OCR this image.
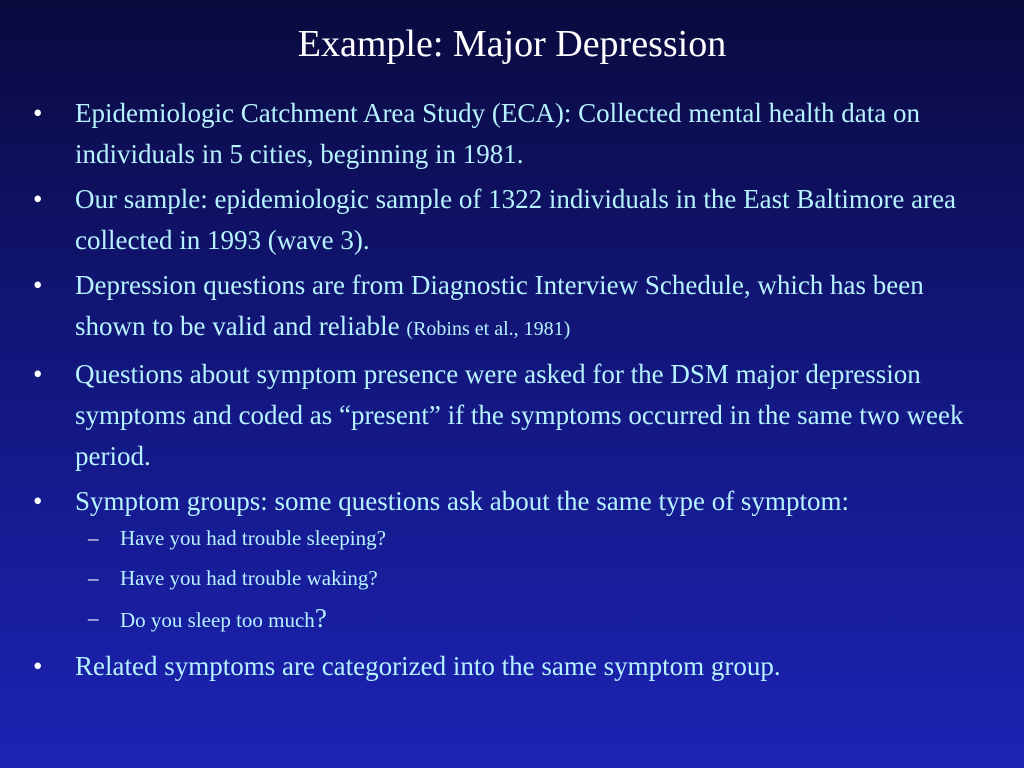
Example: Major Depression
• Epidemiologic Catchment Area Study (ECA): Collected mental health data on individuals in 5 cities, beginning in 1981.
• Our sample: epidemiologic sample of 1322 individuals in the East Baltimore area collected in 1993 (wave 3).
• Depression questions are from Diagnostic Interview Schedule, which has been shown to be valid and reliable (Robins et al., 1981)
• Questions about symptom presence were asked for the DSM major depression symptoms and coded as “present” if the symptoms occurred in the same two week period.
• Symptom groups: some questions ask about the same type of symptom:
– Have you had trouble sleeping?
– Have you had trouble waking?
– Do you sleep too much?
• Related symptoms are categorized into the same symptom group.
